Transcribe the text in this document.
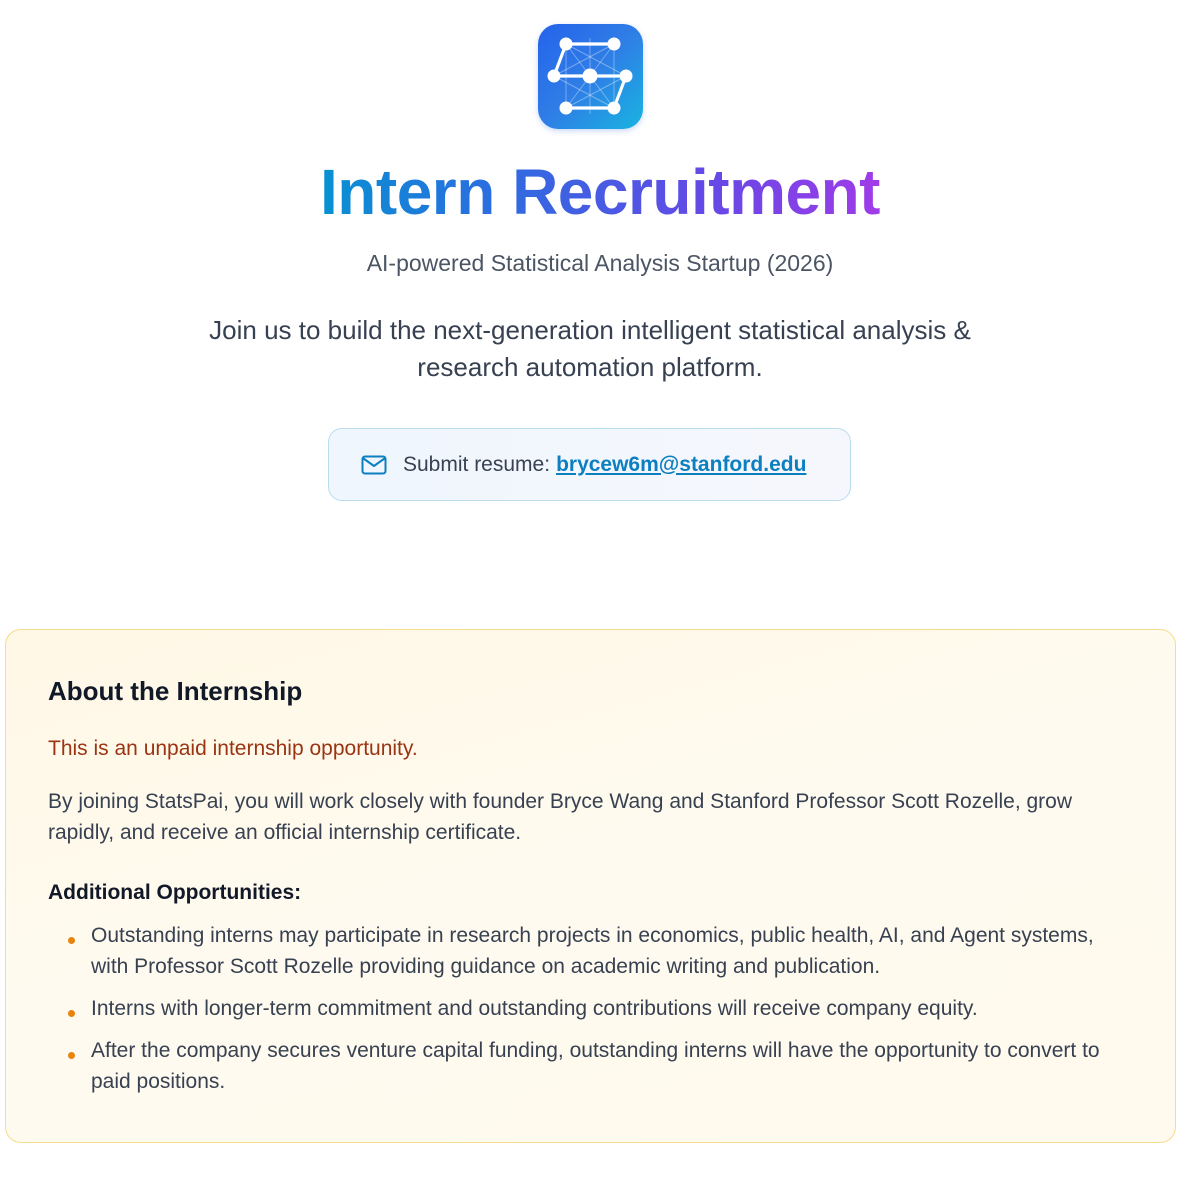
Intern Recruitment

AI-powered Statistical Analysis Startup (2026)

Join us to build the next-generation intelligent statistical analysis & research automation platform.

Submit resume: brycew6m@stanford.edu
About the Internship

This is an unpaid internship opportunity.

By joining StatsPai, you will work closely with founder Bryce Wang and Stanford Professor Scott Rozelle, grow rapidly, and receive an official internship certificate.

Additional Opportunities:
Outstanding interns may participate in research projects in economics, public health, AI, and Agent systems, with Professor Scott Rozelle providing guidance on academic writing and publication.
Interns with longer-term commitment and outstanding contributions will receive company equity.
After the company secures venture capital funding, outstanding interns will have the opportunity to convert to paid positions.
